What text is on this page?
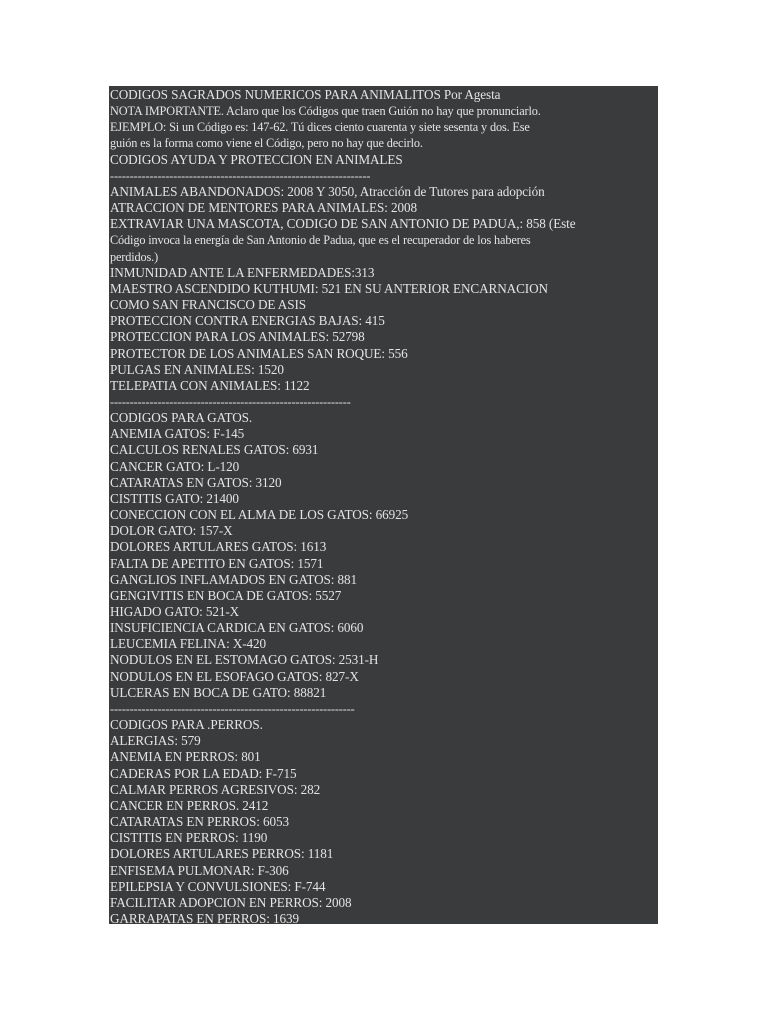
CODIGOS SAGRADOS NUMERICOS PARA ANIMALITOS Por Agesta
NOTA IMPORTANTE. Aclaro que los Códigos que traen Guión no hay que pronunciarlo.
EJEMPLO: Si un Código es: 147-62. Tú dices ciento cuarenta y siete sesenta y dos. Ese
guión es la forma como viene el Código, pero no hay que decirlo.
CODIGOS AYUDA Y PROTECCION EN ANIMALES
------------------------------------------------------------------
ANIMALES ABANDONADOS: 2008 Y 3050, Atracción de Tutores para adopción
ATRACCION DE MENTORES PARA ANIMALES: 2008
EXTRAVIAR UNA MASCOTA, CODIGO DE SAN ANTONIO DE PADUA,: 858 (Este
Código invoca la energía de San Antonio de Padua, que es el recuperador de los haberes
perdidos.)
INMUNIDAD ANTE LA ENFERMEDADES:313
MAESTRO ASCENDIDO KUTHUMI: 521 EN SU ANTERIOR ENCARNACION
COMO SAN FRANCISCO DE ASIS
PROTECCION CONTRA ENERGIAS BAJAS: 415
PROTECCION PARA LOS ANIMALES: 52798
PROTECTOR DE LOS ANIMALES SAN ROQUE: 556
PULGAS EN ANIMALES: 1520
TELEPATIA CON ANIMALES: 1122
-------------------------------------------------------------
CODIGOS PARA GATOS.
ANEMIA GATOS: F-145
CALCULOS RENALES GATOS: 6931
CANCER GATO: L-120
CATARATAS EN GATOS: 3120
CISTITIS GATO: 21400
CONECCION CON EL ALMA DE LOS GATOS: 66925
DOLOR GATO: 157-X
DOLORES ARTULARES GATOS: 1613
FALTA DE APETITO EN GATOS: 1571
GANGLIOS INFLAMADOS EN GATOS: 881
GENGIVITIS EN BOCA DE GATOS: 5527
HIGADO GATO: 521-X
INSUFICIENCIA CARDICA EN GATOS: 6060
LEUCEMIA FELINA: X-420
NODULOS EN EL ESTOMAGO GATOS: 2531-H
NODULOS EN EL ESOFAGO GATOS: 827-X
ULCERAS EN BOCA DE GATO: 88821
--------------------------------------------------------------
CODIGOS PARA .PERROS.
ALERGIAS: 579
ANEMIA EN PERROS: 801
CADERAS POR LA EDAD: F-715
CALMAR PERROS AGRESIVOS: 282
CANCER EN PERROS. 2412
CATARATAS EN PERROS: 6053
CISTITIS EN PERROS: 1190
DOLORES ARTULARES PERROS: 1181
ENFISEMA PULMONAR: F-306
EPILEPSIA Y CONVULSIONES: F-744
FACILITAR ADOPCION EN PERROS: 2008
GARRAPATAS EN PERROS: 1639
